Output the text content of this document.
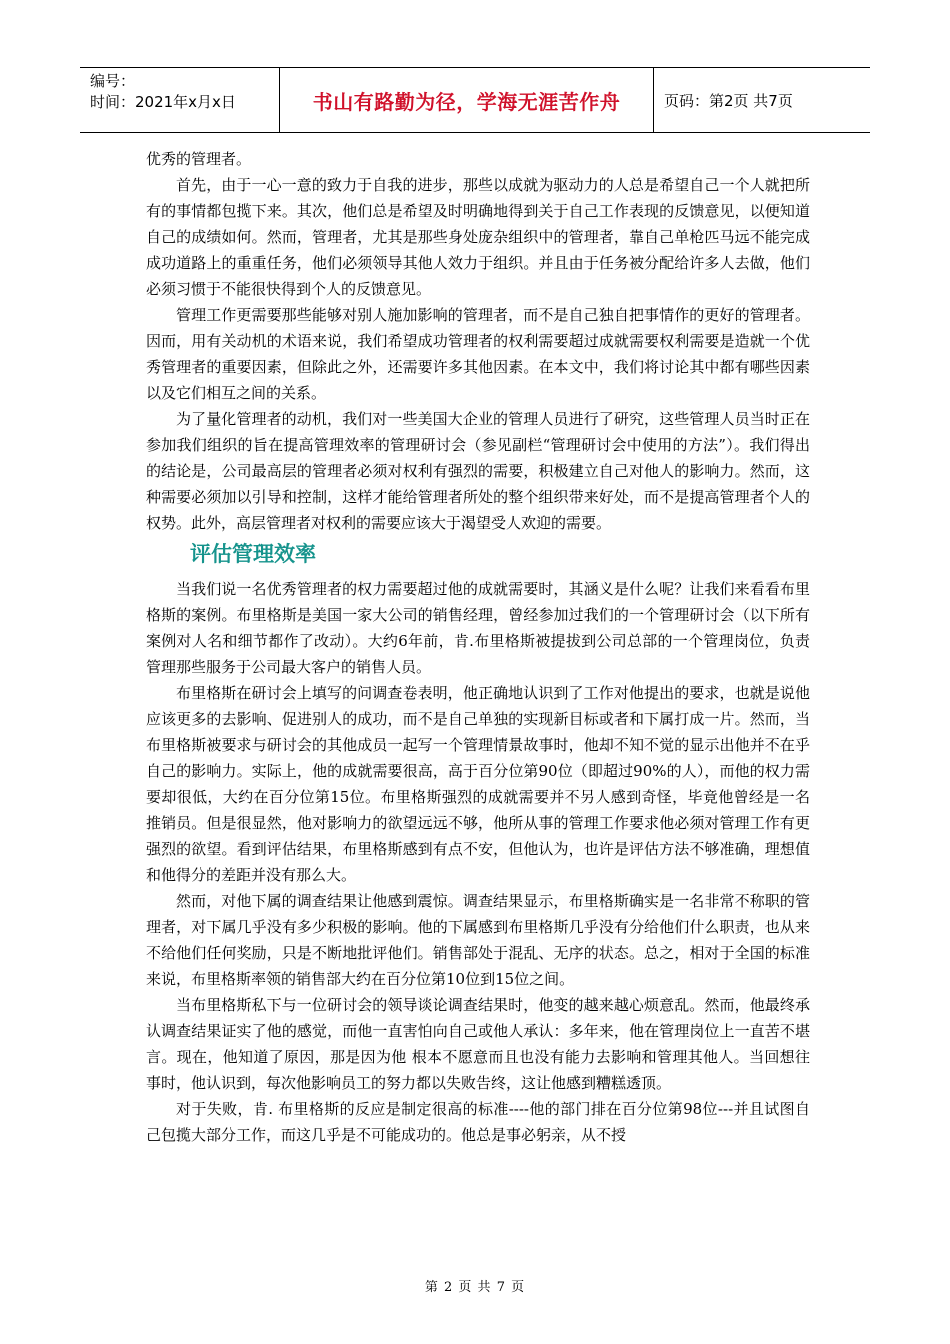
编号：
时间：2021年x月x日	书山有路勤为径，学海无涯苦作舟	页码：第2页 共7页

优秀的管理者。

首先，由于一心一意的致力于自我的进步，那些以成就为驱动力的人总是希望自己一个人就把所有的事情都包揽下来。其次，他们总是希望及时明确地得到关于自己工作表现的反馈意见，以便知道自己的成绩如何。然而，管理者，尤其是那些身处庞杂组织中的管理者，靠自己单枪匹马远不能完成成功道路上的重重任务，他们必须领导其他人效力于组织。并且由于任务被分配给许多人去做，他们必须习惯于不能很快得到个人的反馈意见。

管理工作更需要那些能够对别人施加影响的管理者，而不是自己独自把事情作的更好的管理者。因而，用有关动机的术语来说，我们希望成功管理者的权利需要超过成就需要权利需要是造就一个优秀管理者的重要因素，但除此之外，还需要许多其他因素。在本文中，我们将讨论其中都有哪些因素以及它们相互之间的关系。

为了量化管理者的动机，我们对一些美国大企业的管理人员进行了研究，这些管理人员当时正在参加我们组织的旨在提高管理效率的管理研讨会（参见副栏“管理研讨会中使用的方法”）。我们得出的结论是，公司最高层的管理者必须对权利有强烈的需要，积极建立自己对他人的影响力。然而，这种需要必须加以引导和控制，这样才能给管理者所处的整个组织带来好处，而不是提高管理者个人的权势。此外，高层管理者对权利的需要应该大于渴望受人欢迎的需要。

评估管理效率

当我们说一名优秀管理者的权力需要超过他的成就需要时，其涵义是什么呢？让我们来看看布里格斯的案例。布里格斯是美国一家大公司的销售经理，曾经参加过我们的一个管理研讨会（以下所有案例对人名和细节都作了改动）。大约6年前，肯.布里格斯被提拔到公司总部的一个管理岗位，负责管理那些服务于公司最大客户的销售人员。

布里格斯在研讨会上填写的问调查卷表明，他正确地认识到了工作对他提出的要求，也就是说他应该更多的去影响、促进别人的成功，而不是自己单独的实现新目标或者和下属打成一片。然而，当布里格斯被要求与研讨会的其他成员一起写一个管理情景故事时，他却不知不觉的显示出他并不在乎自己的影响力。实际上，他的成就需要很高，高于百分位第90位（即超过90%的人），而他的权力需要却很低，大约在百分位第15位。布里格斯强烈的成就需要并不另人感到奇怪，毕竟他曾经是一名推销员。但是很显然，他对影响力的欲望远远不够，他所从事的管理工作要求他必须对管理工作有更强烈的欲望。看到评估结果，布里格斯感到有点不安，但他认为，也许是评估方法不够准确，理想值和他得分的差距并没有那么大。

然而，对他下属的调查结果让他感到震惊。调查结果显示，布里格斯确实是一名非常不称职的管理者，对下属几乎没有多少积极的影响。他的下属感到布里格斯几乎没有分给他们什么职责，也从来不给他们任何奖励，只是不断地批评他们。销售部处于混乱、无序的状态。总之，相对于全国的标准来说，布里格斯率领的销售部大约在百分位第10位到15位之间。

当布里格斯私下与一位研讨会的领导谈论调查结果时，他变的越来越心烦意乱。然而，他最终承认调查结果证实了他的感觉，而他一直害怕向自己或他人承认：多年来，他在管理岗位上一直苦不堪言。现在，他知道了原因，那是因为他 根本不愿意而且也没有能力去影响和管理其他人。当回想往事时，他认识到，每次他影响员工的努力都以失败告终，这让他感到糟糕透顶。

对于失败，肯. 布里格斯的反应是制定很高的标准----他的部门排在百分位第98位---并且试图自己包揽大部分工作，而这几乎是不可能成功的。他总是事必躬亲，从不授

第 2 页 共 7 页
